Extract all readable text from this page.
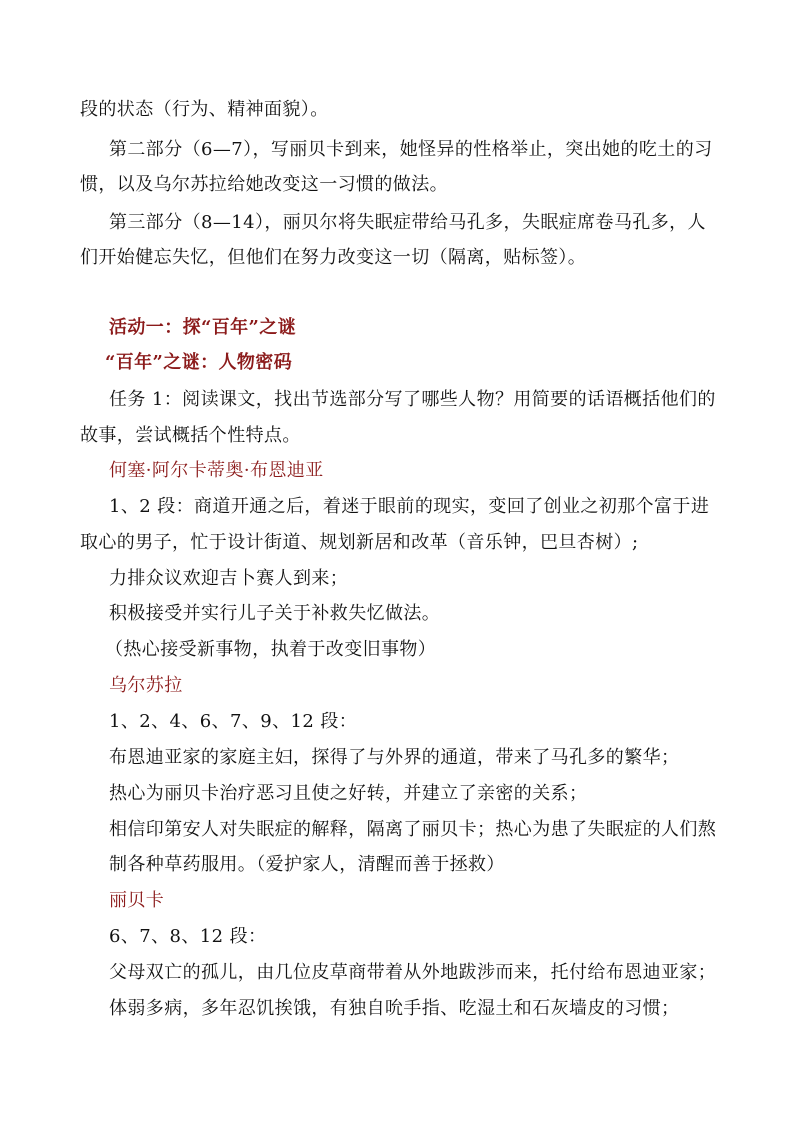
段的状态（行为、精神面貌）。
第二部分（6—7），写丽贝卡到来，她怪异的性格举止，突出她的吃土的习
惯，以及乌尔苏拉给她改变这一习惯的做法。
第三部分（8—14），丽贝尔将失眠症带给马孔多，失眠症席卷马孔多，人
们开始健忘失忆，但他们在努力改变这一切（隔离，贴标签）。
活动一：探“百年”之谜
“百年”之谜：人物密码
任务 1：阅读课文，找出节选部分写了哪些人物？用简要的话语概括他们的
故事，尝试概括个性特点。
何塞·阿尔卡蒂奥·布恩迪亚
1、2 段：商道开通之后，着迷于眼前的现实，变回了创业之初那个富于进
取心的男子，忙于设计街道、规划新居和改革（音乐钟，巴旦杏树）;
力排众议欢迎吉卜赛人到来；
积极接受并实行儿子关于补救失忆做法。
（热心接受新事物，执着于改变旧事物）
乌尔苏拉
1、2、4、6、7、9、12 段：
布恩迪亚家的家庭主妇，探得了与外界的通道，带来了马孔多的繁华；
热心为丽贝卡治疗恶习且使之好转，并建立了亲密的关系；
相信印第安人对失眠症的解释，隔离了丽贝卡；热心为患了失眠症的人们熬
制各种草药服用。（爱护家人，清醒而善于拯救）
丽贝卡
6、7、8、12 段：
父母双亡的孤儿，由几位皮草商带着从外地跋涉而来，托付给布恩迪亚家；
体弱多病，多年忍饥挨饿，有独自吮手指、吃湿土和石灰墙皮的习惯；
